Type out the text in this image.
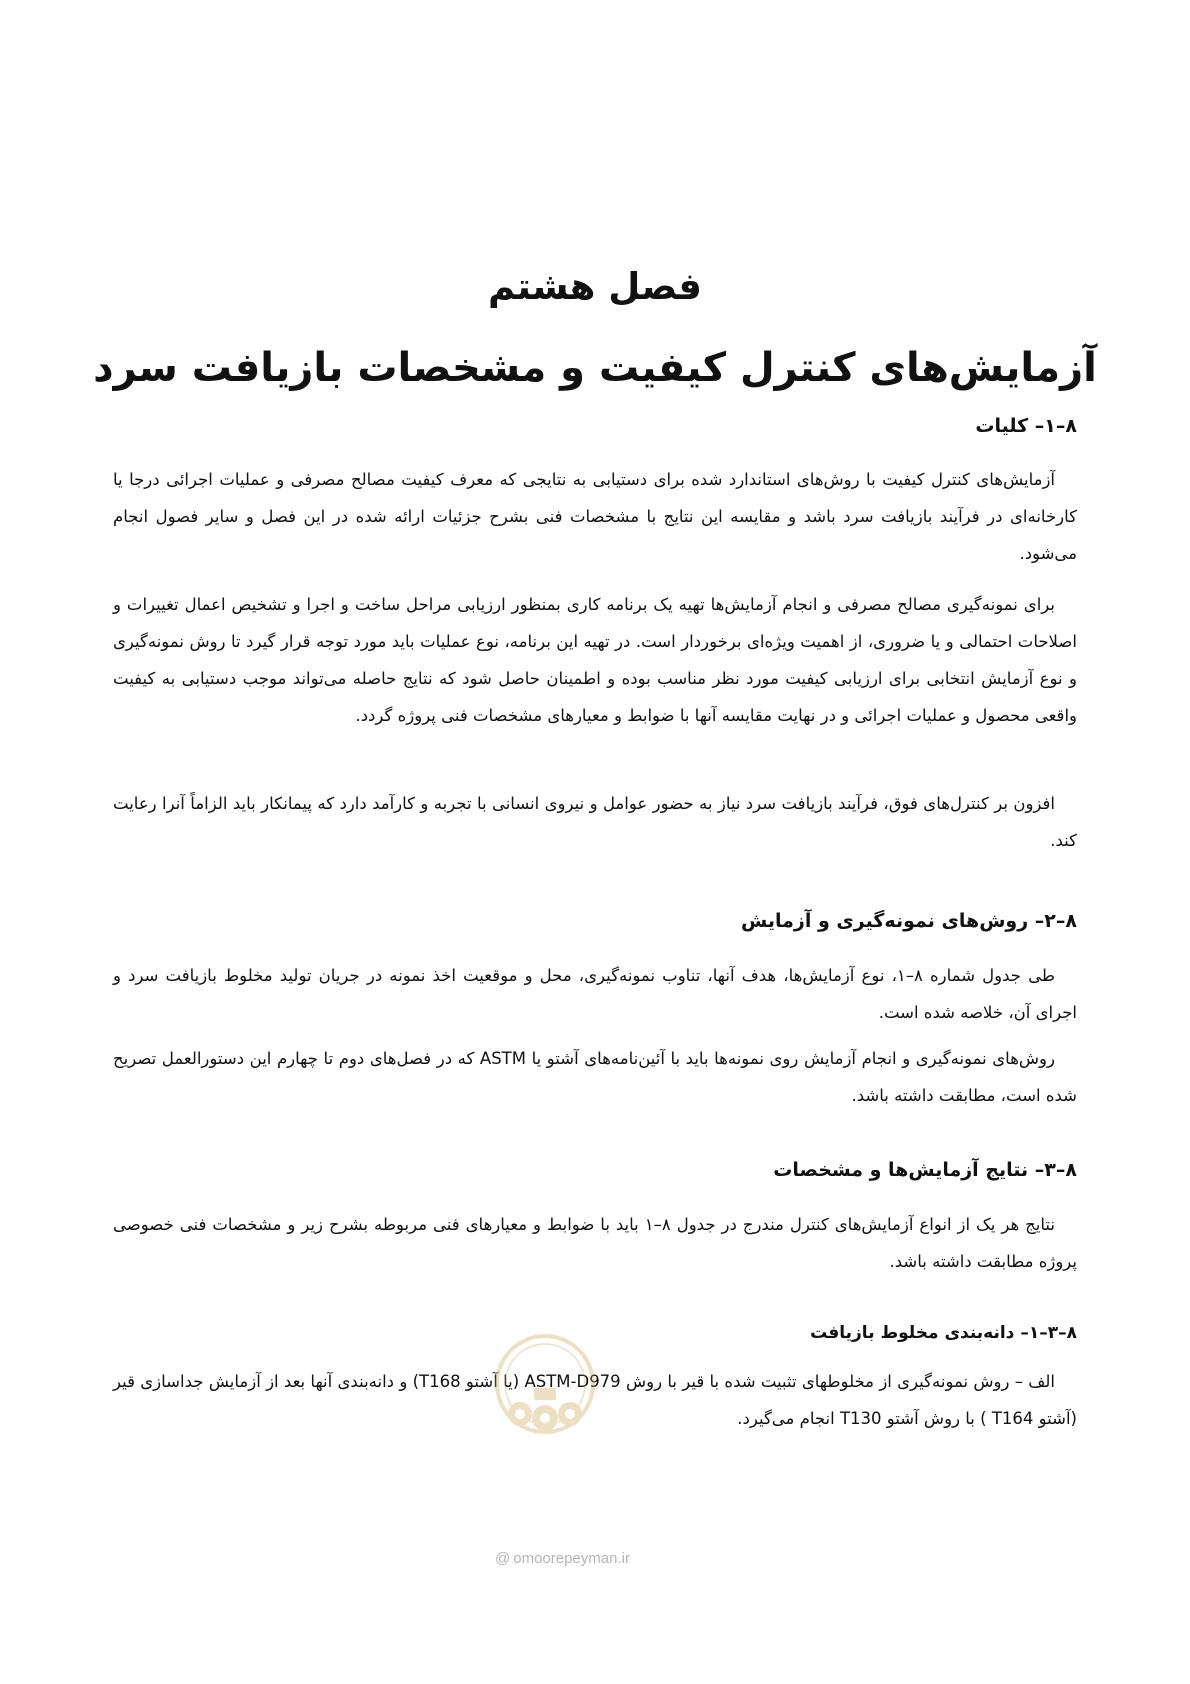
فصل هشتم
آزمایش‌های کنترل کیفیت و مشخصات بازیافت سرد
۸–۱– کلیات

آزمایش‌های کنترل کیفیت با روش‌های استاندارد شده برای دستیابی به نتایجی که معرف کیفیت مصالح مصرفی و عملیات اجرائی درجا یا کارخانه‌ای در فرآیند بازیافت سرد باشد و مقایسه این نتایج با مشخصات فنی بشرح جزئیات ارائه شده در این فصل و سایر فصول انجام می‌شود.

برای نمونه‌گیری مصالح مصرفی و انجام آزمایش‌ها تهیه یک برنامه کاری بمنظور ارزیابی مراحل ساخت و اجرا و تشخیص اعمال تغییرات و اصلاحات احتمالی و یا ضروری، از اهمیت ویژه‌ای برخوردار است. در تهیه این برنامه، نوع عملیات باید مورد توجه قرار گیرد تا روش نمونه‌گیری و نوع آزمایش انتخابی برای ارزیابی کیفیت مورد نظر مناسب بوده و اطمینان حاصل شود که نتایج حاصله می‌تواند موجب دستیابی به کیفیت واقعی محصول و عملیات اجرائی و در نهایت مقایسه آنها با ضوابط و معیارهای مشخصات فنی پروژه گردد.

افزون بر کنترل‌های فوق، فرآیند بازیافت سرد نیاز به حضور عوامل و نیروی انسانی با تجربه و کارآمد دارد که پیمانکار باید الزاماً آنرا رعایت کند.

۸–۲– روش‌های نمونه‌گیری و آزمایش

طی جدول شماره ۸–۱، نوع آزمایش‌ها، هدف آنها، تناوب نمونه‌گیری، محل و موقعیت اخذ نمونه در جریان تولید مخلوط بازیافت سرد و اجرای آن، خلاصه شده است.

روش‌های نمونه‌گیری و انجام آزمایش روی نمونه‌ها باید با آئین‌نامه‌های آشتو یا ASTM که در فصل‌های دوم تا چهارم این دستورالعمل تصریح شده است، مطابقت داشته باشد.

۸–۳– نتایج آزمایش‌ها و مشخصات

نتایج هر یک از انواع آزمایش‌های کنترل مندرج در جدول ۸–۱ باید با ضوابط و معیارهای فنی مربوطه بشرح زیر و مشخصات فنی خصوصی پروژه مطابقت داشته باشد.

۸–۳–۱– دانه‌بندی مخلوط بازیافت

الف – روش نمونه‌گیری از مخلوطهای تثبیت شده با قیر با روش ASTM-D979 (یا آشتو T168) و دانه‌بندی آنها بعد از آزمایش جداسازی قیر (آشتو T164 ) با روش آشتو T130 انجام می‌گیرد.

@ omoorepeyman.ir
